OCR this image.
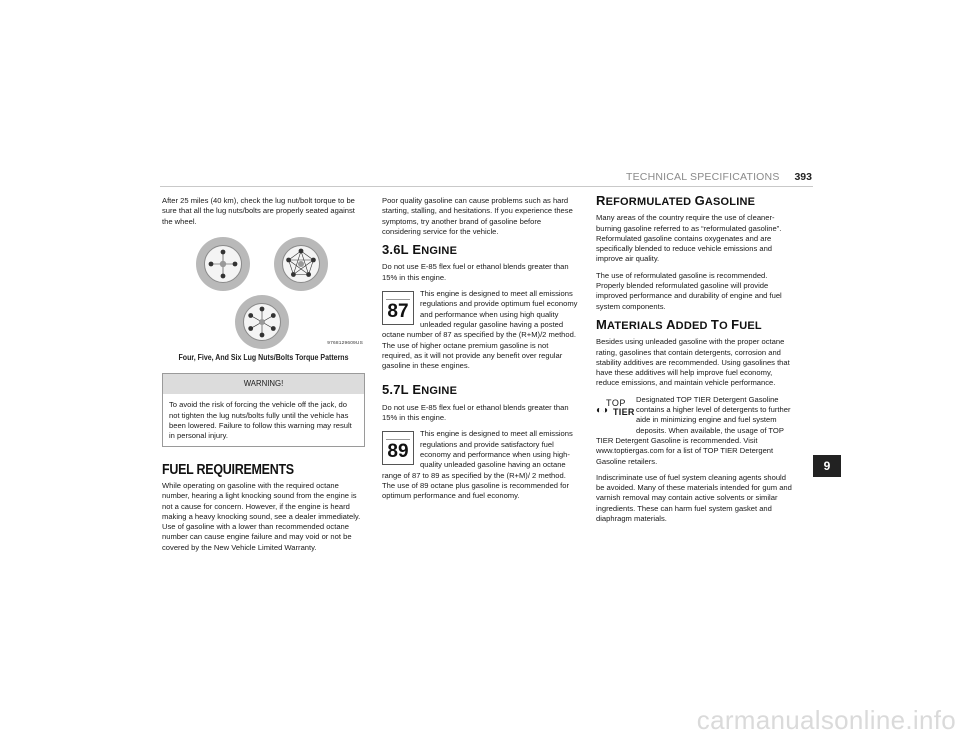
TECHNICAL SPECIFICATIONS 393

After 25 miles (40 km), check the lug nut/bolt torque to be sure that all the lug nuts/bolts are properly seated against the wheel.

9768129609US
Four, Five, And Six Lug Nuts/Bolts Torque Patterns
WARNING!
To avoid the risk of forcing the vehicle off the jack, do not tighten the lug nuts/bolts fully until the vehicle has been lowered. Failure to follow this warning may result in personal injury.
FUEL REQUIREMENTS

While operating on gasoline with the required octane number, hearing a light knocking sound from the engine is not a cause for concern. However, if the engine is heard making a heavy knocking sound, see a dealer immediately. Use of gasoline with a lower than recommended octane number can cause engine failure and may void or not be covered by the New Vehicle Limited Warranty.

Poor quality gasoline can cause problems such as hard starting, stalling, and hesitations. If you experience these symptoms, try another brand of gasoline before considering service for the vehicle.

3.6L ENGINE

Do not use E-85 flex fuel or ethanol blends greater than 15% in this engine.

87

This engine is designed to meet all emissions regulations and provide optimum fuel economy and performance when using high quality unleaded regular gasoline having a posted octane number of 87 as specified by the (R+M)/2 method. The use of higher octane premium gasoline is not required, as it will not provide any benefit over regular gasoline in these engines.

5.7L ENGINE

Do not use E-85 flex fuel or ethanol blends greater than 15% in this engine.

89

This engine is designed to meet all emissions regulations and provide satisfactory fuel economy and performance when using high-quality unleaded gasoline having an octane range of 87 to 89 as specified by the (R+M)/ 2 method. The use of 89 octane plus gasoline is recommended for optimum performance and fuel economy.

REFORMULATED GASOLINE

Many areas of the country require the use of cleaner-burning gasoline referred to as “reformulated gasoline”. Reformulated gasoline contains oxygenates and are specifically blended to reduce vehicle emissions and improve air quality.

The use of reformulated gasoline is recommended. Properly blended reformulated gasoline will provide improved performance and durability of engine and fuel system components.

MATERIALS ADDED TO FUEL

Besides using unleaded gasoline with the proper octane rating, gasolines that contain detergents, corrosion and stability additives are recommended. Using gasolines that have these additives will help improve fuel economy, reduce emissions, and maintain vehicle performance.

◐◑
TOP
TIER

Designated TOP TIER Detergent Gasoline contains a higher level of detergents to further aide in minimizing engine and fuel system deposits. When available, the usage of TOP TIER Detergent Gasoline is recommended. Visit www.toptiergas.com for a list of TOP TIER Detergent Gasoline retailers.

Indiscriminate use of fuel system cleaning agents should be avoided. Many of these materials intended for gum and varnish removal may contain active solvents or similar ingredients. These can harm fuel system gasket and diaphragm materials.

9
carmanualsonline.info
